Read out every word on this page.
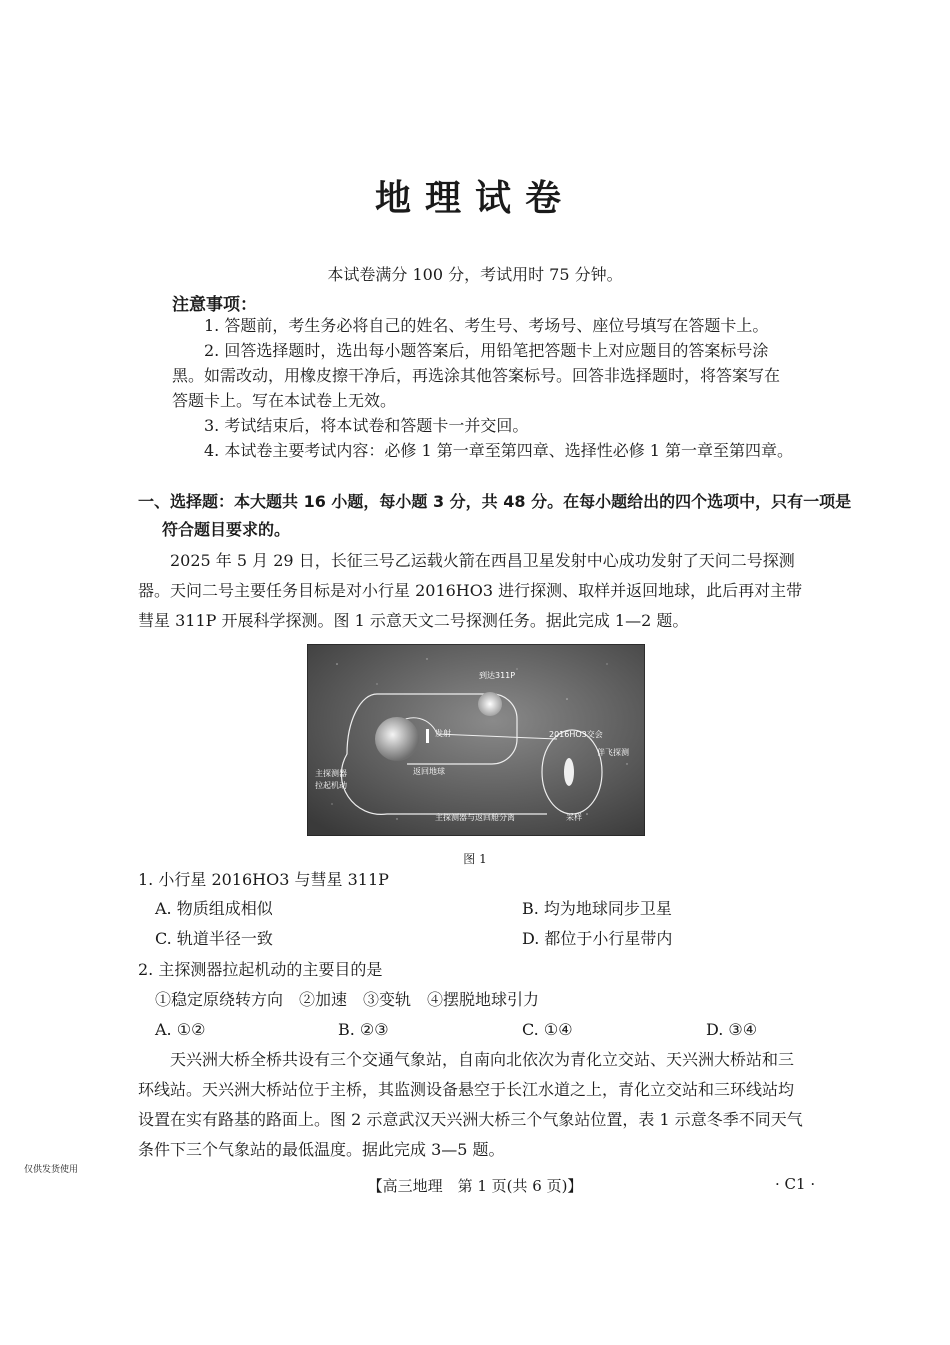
地理试卷
本试卷满分 100 分，考试用时 75 分钟。
注意事项：
1. 答题前，考生务必将自己的姓名、考生号、考场号、座位号填写在答题卡上。
2. 回答选择题时，选出每小题答案后，用铅笔把答题卡上对应题目的答案标号涂
黑。如需改动，用橡皮擦干净后，再选涂其他答案标号。回答非选择题时，将答案写在
答题卡上。写在本试卷上无效。
3. 考试结束后，将本试卷和答题卡一并交回。
4. 本试卷主要考试内容：必修 1 第一章至第四章、选择性必修 1 第一章至第四章。
一、选择题：本大题共 16 小题，每小题 3 分，共 48 分。在每小题给出的四个选项中，只有一项是
符合题目要求的。
2025 年 5 月 29 日，长征三号乙运载火箭在西昌卫星发射中心成功发射了天问二号探测
器。天问二号主要任务目标是对小行星 2016HO3 进行探测、取样并返回地球，此后再对主带
彗星 311P 开展科学探测。图 1 示意天文二号探测任务。据此完成 1—2 题。
到达311P
发射	2016HO3交会
伴飞探测
主探测器
拉起机动
返回地球
主探测器与返回舱分离	采样
图 1
1. 小行星 2016HO3 与彗星 311P
A. 物质组成相似	B. 均为地球同步卫星
C. 轨道半径一致	D. 都位于小行星带内
2. 主探测器拉起机动的主要目的是
①稳定原绕转方向　②加速　③变轨　④摆脱地球引力
A. ①②	B. ②③	C. ①④	D. ③④
天兴洲大桥全桥共设有三个交通气象站，自南向北依次为青化立交站、天兴洲大桥站和三
环线站。天兴洲大桥站位于主桥，其监测设备悬空于长江水道之上，青化立交站和三环线站均
设置在实有路基的路面上。图 2 示意武汉天兴洲大桥三个气象站位置，表 1 示意冬季不同天气
条件下三个气象站的最低温度。据此完成 3—5 题。
仅供发货使用
【高三地理　第 1 页(共 6 页)】	· C1 ·
